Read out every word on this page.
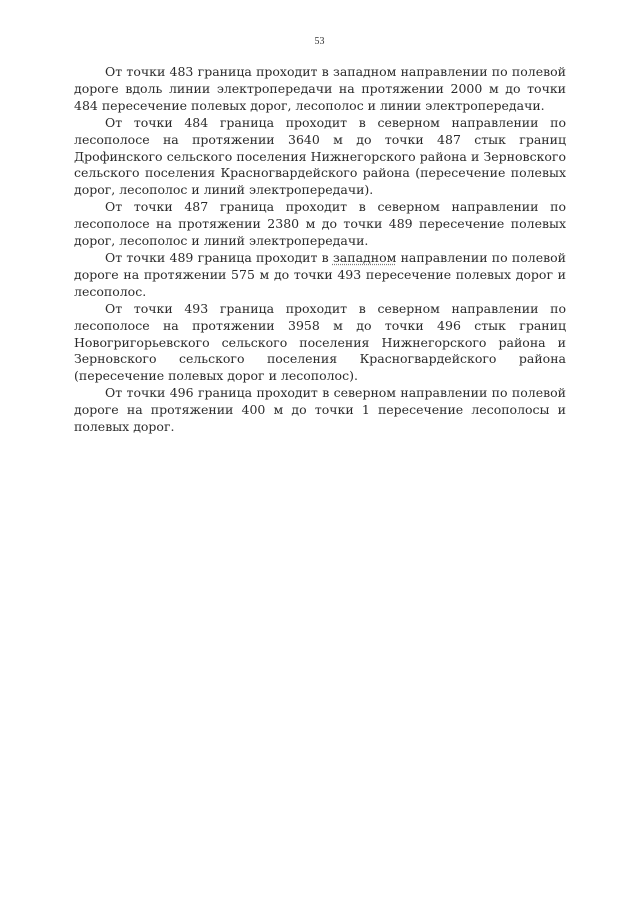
53

От точки 483 граница проходит в западном направлении по полевой дороге вдоль линии электропередачи на протяжении 2000 м до точки 484 пересечение полевых дорог, лесополос и линии электропередачи.

От точки 484 граница проходит в северном направлении по лесополосе на протяжении 3640 м до точки 487 стык границ Дрофинского сельского поселения Нижнегорского района и Зерновского сельского поселения Красногвардейского района (пересечение полевых дорог, лесополос и линий электропередачи).

От точки 487 граница проходит в северном направлении по лесополосе на протяжении 2380 м до точки 489 пересечение полевых дорог, лесополос и линий электропередачи.

От точки 489 граница проходит в западном направлении по полевой дороге на протяжении 575 м до точки 493 пересечение полевых дорог и лесополос.

От точки 493 граница проходит в северном направлении по лесополосе на протяжении 3958 м до точки 496 стык границ Новогригорьевского сельского поселения Нижнегорского района и Зерновского сельского поселения Красногвардейского района (пересечение полевых дорог и лесополос).

От точки 496 граница проходит в северном направлении по полевой дороге на протяжении 400 м до точки 1 пересечение лесополосы и полевых дорог.
